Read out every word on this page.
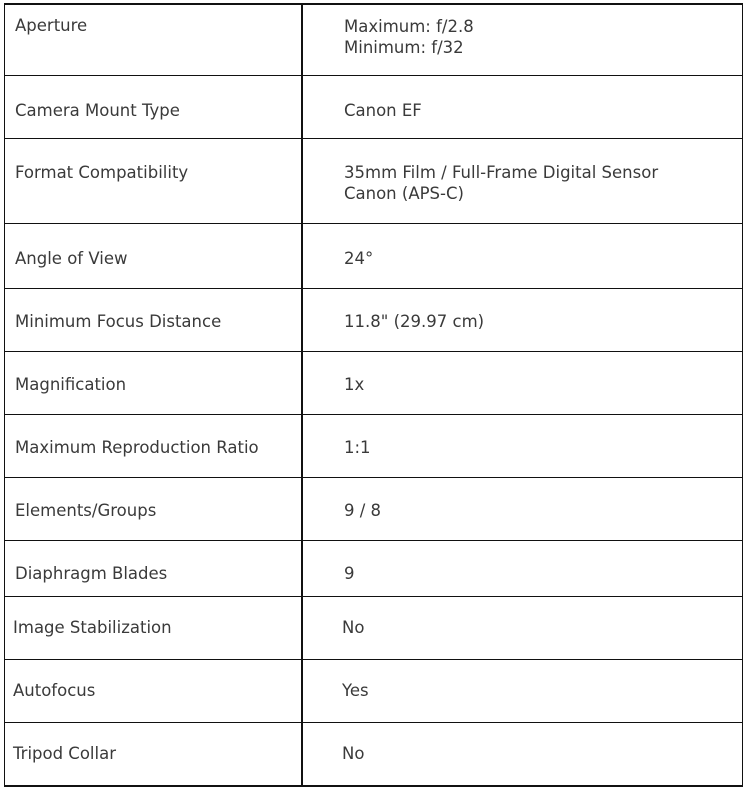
Aperture	Maximum: f/2.8
Minimum: f/32

Camera Mount Type	Canon EF

Format Compatibility	35mm Film / Full-Frame Digital Sensor
Canon (APS-C)

Angle of View	24°

Minimum Focus Distance	11.8" (29.97 cm)

Magnification	1x

Maximum Reproduction Ratio	1:1

Elements/Groups	9 / 8

Diaphragm Blades	9

Image Stabilization	No

Autofocus	Yes

Tripod Collar	No
